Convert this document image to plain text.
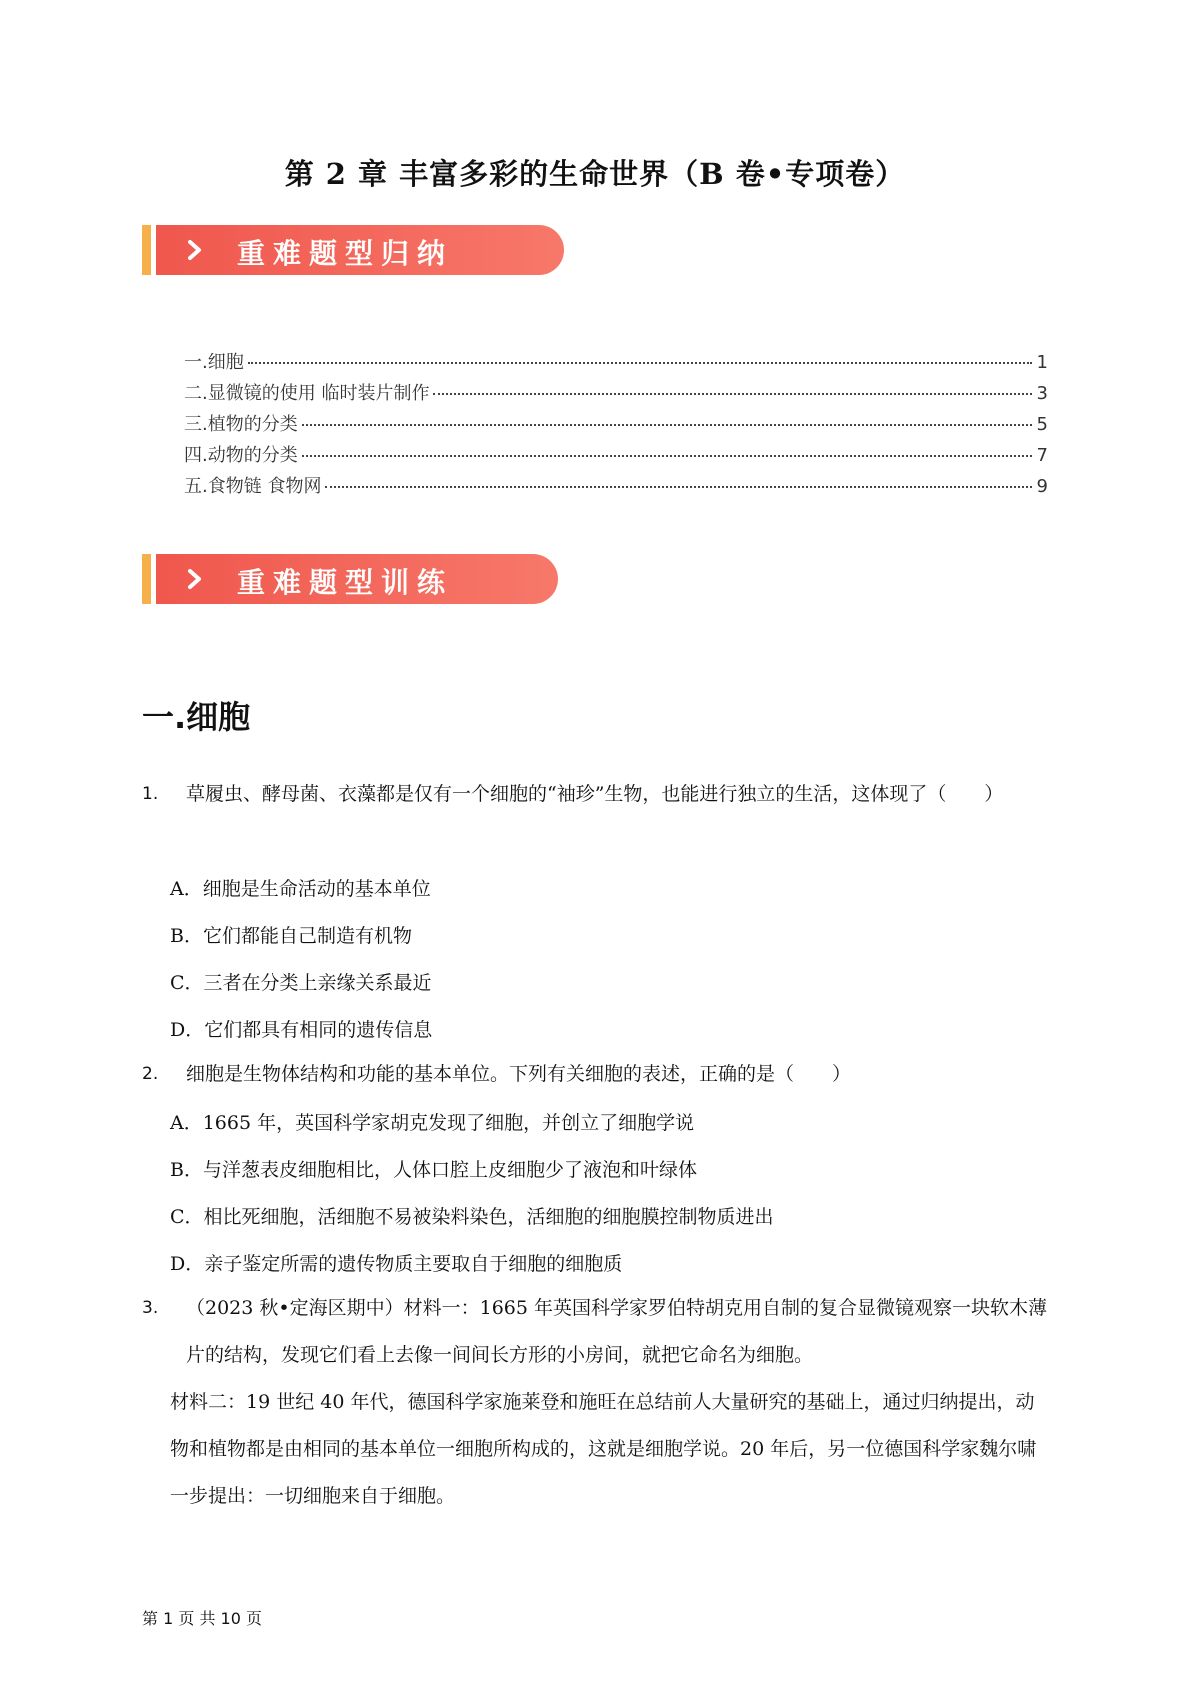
第 2 章 丰富多彩的生命世界（B 卷•专项卷）
重难题型归纳
一.细胞	1
二.显微镜的使用 临时装片制作	3
三.植物的分类	5
四.动物的分类	7
五.食物链 食物网	9
重难题型训练
一.细胞
1. 草履虫、酵母菌、衣藻都是仅有一个细胞的“袖珍”生物，也能进行独立的生活，这体现了（　　）
A．细胞是生命活动的基本单位
B．它们都能自己制造有机物
C．三者在分类上亲缘关系最近
D．它们都具有相同的遗传信息
2. 细胞是生物体结构和功能的基本单位。下列有关细胞的表述，正确的是（　　）
A．1665 年，英国科学家胡克发现了细胞，并创立了细胞学说
B．与洋葱表皮细胞相比，人体口腔上皮细胞少了液泡和叶绿体
C．相比死细胞，活细胞不易被染料染色，活细胞的细胞膜控制物质进出
D．亲子鉴定所需的遗传物质主要取自于细胞的细胞质
3. （2023 秋•定海区期中）材料一：1665 年英国科学家罗伯特胡克用自制的复合显微镜观察一块软木薄片的结构，发现它们看上去像一间间长方形的小房间，就把它命名为细胞。
材料二：19 世纪 40 年代，德国科学家施莱登和施旺在总结前人大量研究的基础上，通过归纳提出，动物和植物都是由相同的基本单位一细胞所构成的，这就是细胞学说。20 年后，另一位德国科学家魏尔啸一步提出：一切细胞来自于细胞。
第 1 页 共 10 页
